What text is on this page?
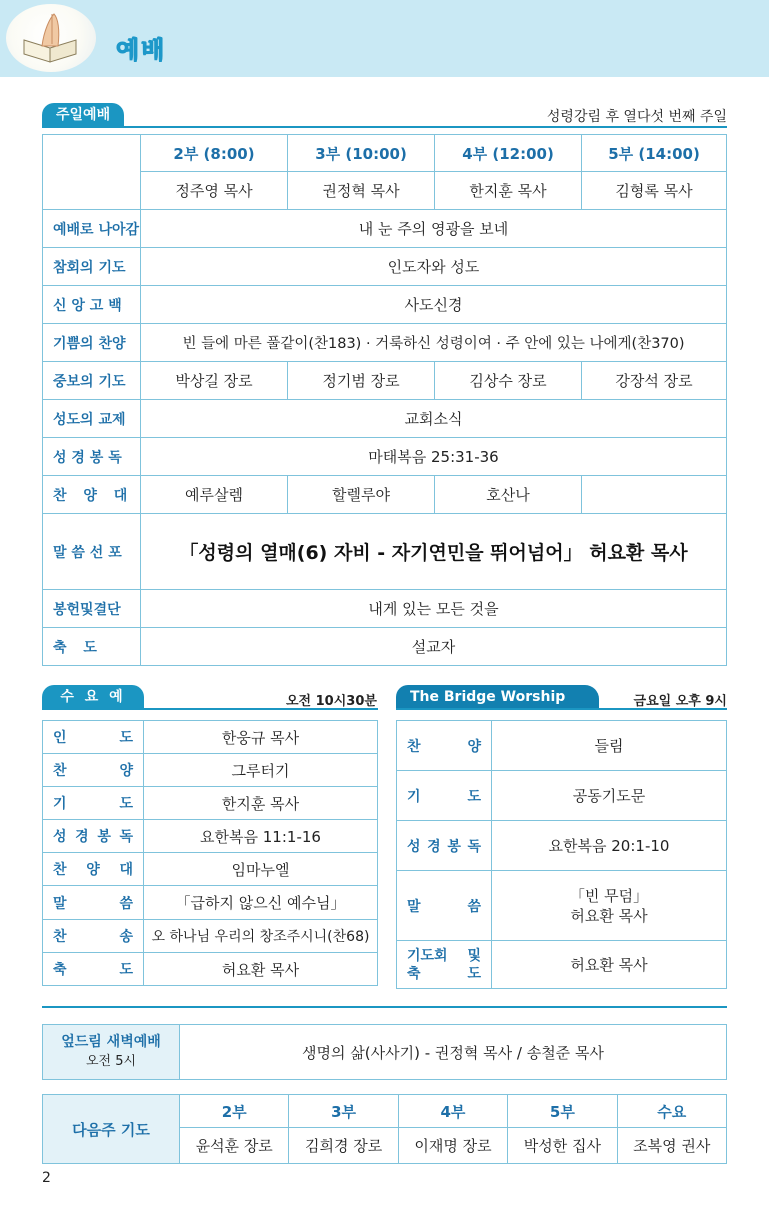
예배
주일예배	성령강림 후 열다섯 번째 주일
	2부 (8:00)	3부 (10:00)	4부 (12:00)	5부 (14:00)
	정주영 목사	권정혁 목사	한지훈 목사	김형록 목사
예배로 나아감	내 눈 주의 영광을 보네			
참회의 기도	인도자와 성도			
신 앙 고 백	사도신경			
기쁨의 찬양	빈 들에 마른 풀같이(찬183) · 거룩하신 성령이여 · 주 안에 있는 나에게(찬370)			
중보의 기도	박상길 장로	정기범 장로	김상수 장로	강장석 장로
성도의 교제	교회소식			
성 경 봉 독	마태복음 25:31-36			
찬 양 대	예루살렘	할렐루야	호산나	
말 씀 선 포	「성령의 열매(6) 자비 - 자기연민을 뛰어넘어」 허요환 목사			
봉헌및결단	내게 있는 모든 것을			
축 도	설교자			
수 요 예 배
오전 10시30분
인 도	한웅규 목사

찬 양	그루터기

기 도	한지훈 목사

성 경 봉 독	요한복음 11:1-16

찬 양 대	임마누엘

말 씀	「급하지 않으신 예수님」

찬 송	오 하나님 우리의 창조주시니(찬68)

축 도	허요환 목사
The Bridge Worship	금요일 오후 9시
찬 양	들림

기 도	공동기도문

성 경 봉 독	요한복음 20:1-10

말 씀	「빈 무덤」
허요환 목사

기도회 및
축 도	허요환 목사
엎드림 새벽예배
오전 5시	생명의 삶(사사기) - 권정혁 목사 / 송철준 목사
다음주 기도	2부	3부	4부	5부	수요
	윤석훈 장로	김희경 장로	이재명 장로	박성한 집사	조복영 권사
2
